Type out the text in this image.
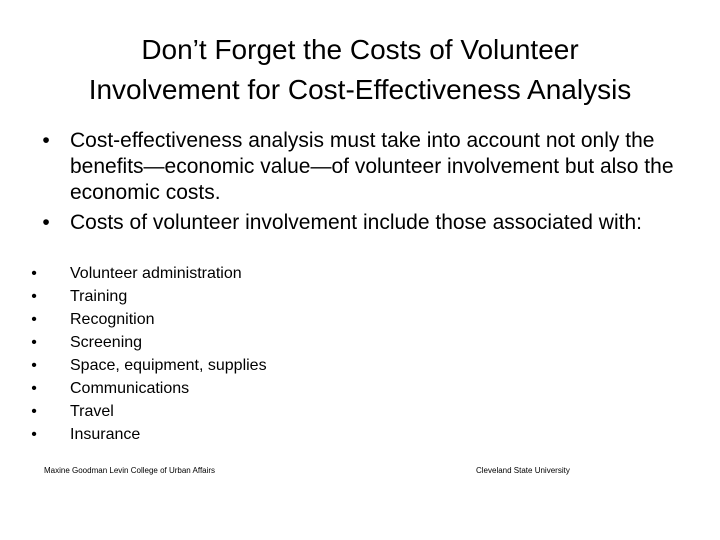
Don’t Forget the Costs of Volunteer
Involvement for Cost-Effectiveness Analysis
• Cost-effectiveness analysis must take into account not only the benefits—economic value—of volunteer involvement but also the economic costs.
• Costs of volunteer involvement include those associated with:
• Volunteer administration
• Training
• Recognition
• Screening
• Space, equipment, supplies
• Communications
• Travel
• Insurance
Maxine Goodman Levin College of Urban Affairs	Cleveland State University
